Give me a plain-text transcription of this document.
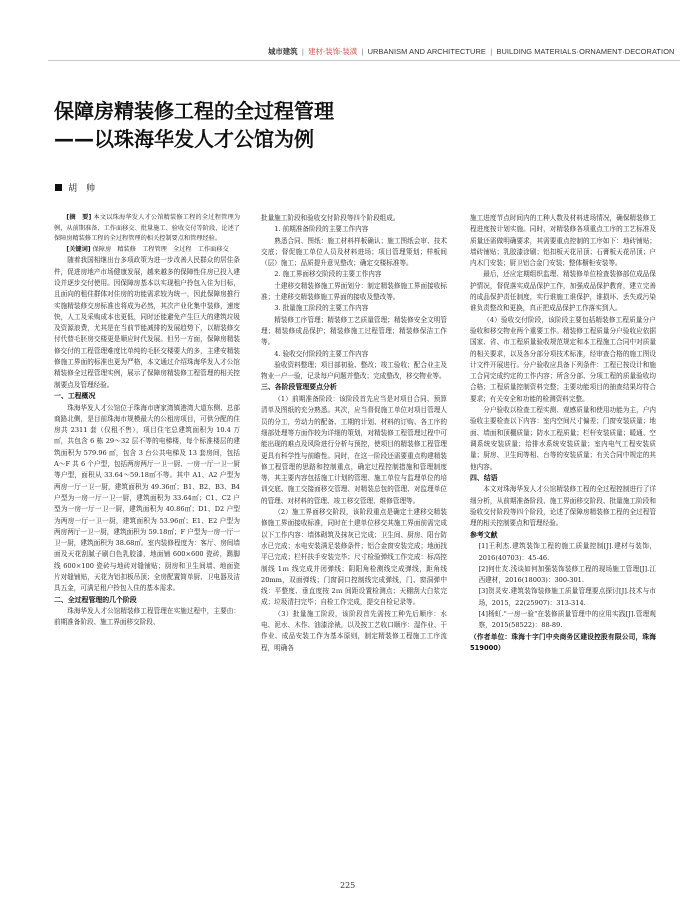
城市建筑 | 建材·装饰·装潢 | URBANISM AND ARCHITECTURE | BUILDING MATERIALS·ORNAMENT·DECORATION
保障房精装修工程的全过程管理
——以珠海华发人才公馆为例
胡　帅

[摘　要] 本文以珠海华发人才公馆精装修工程的全过程管理为例，从前期准备、工作面移交、批量施工、验收交付等阶段，论述了保障房精装修工程的全过程管理的相关控制要点和管理经验。

[关键词] 保障房　精装修　工程管理　全过程　工作面移交

随着我国相继出台多项政策为进一步改善人民群众的居住条件，促进房地产市场健康发展，越来越多的保障性住房已投入建设并逐步交付使用。因保障房基本以实现租户拎包入住为目标，且面向的租住群体对住房的功能需求较为统一，因此保障房推行实施精装修交房标准也将成为必然，其次产业化集中装修，速度快，人工及采购成本也更低，同时还能避免产生巨大的建筑垃圾及资源浪费，尤其是在当前节能减排的发展趋势下，以精装修交付代替毛胚房交楼更是顺应时代发展。但另一方面，保障房精装修交付的工程管理难度比单纯的毛胚交楼要大的多，主建安精装修施工界面的标准也更为严格，本文通过介绍珠海华发人才公馆精装修全过程管理实例，展示了保障房精装修工程管理的相关控制要点及管理经验。

一、工程概况

珠海华发人才公馆位于珠海市唐家湾镇港湾大道东侧、总部商路北侧，是目前珠海市规模最大的公租房项目，可供分配的住房共 2311 套（仅租不售），项目住宅总建筑面积为 10.4 万 ㎡，共包含 6 栋 29～32 层不等的电梯楼，每个标准楼层的建筑面积为 579.96 ㎡，包含 3 台公共电梯及 13 套房间，包括 A～F 共 6 个户型，包括两房两厅一卫一厨、一房一厅一卫一厨等户型，面积从 33.64～59.18㎡不等。其中 A1、A2 户型为两房一厅一卫一厨，建筑面积为 49.36㎡；B1、B2、B3、B4 户型为一房一厅一卫一厨，建筑面积为 33.64㎡；C1、C2 户型为一房一厅一卫一厨，建筑面积为 40.86㎡；D1、D2 户型为两房一厅一卫一厨，建筑面积为 53.96㎡；E1、E2 户型为两房两厅一卫一厨，建筑面积为 59.18㎡；F 户型为一房一厅一卫一厨，建筑面积为 38.68㎡。室内装修程度为：客厅、房间墙面及天花刮腻子刷白色乳胶漆，地面铺 600×600 瓷砖，踢脚线 600×100 瓷砖与地砖对缝铺贴；厨房和卫生间墙、地面瓷片对缝铺贴，天花为铝扣板吊顶；全房配置简单厨、卫电器及洁具五金，可满足租户拎包入住的基本需求。

二、全过程管理的几个阶段

珠海华发人才公馆精装修工程管理在实施过程中，主要由：前期准备阶段、施工界面移交阶段、

批量施工阶段和验收交付阶段等四个阶段组成。

1. 前期准备阶段的主要工作内容

熟悉合同、图纸：施工材料样板确认；施工图纸会审、技术交底；督促施工单位人员及材料进场；项目管理策划；样板间（层）施工；品质提升意见整改；确定交楼标准等。

2. 施工界面移交阶段的主要工作内容

土建移交精装修施工界面划分：制定精装修施工界面接收标准；土建移交精装修施工界面的接收及整改等。

3. 批量施工阶段的主要工作内容

精装修工序管理；精装修工艺质量管理；精装修安全文明管理；精装修成品保护；精装修施工过程管理；精装修保洁工作等。

4. 验收交付阶段的主要工作内容

验收资料整理；项目部初验、整改；竣工验收；配合业主及物业一户一验，记录每户问题并整改；完成整改，移交物业等。

三、各阶段管理要点分析

（1）前期准备阶段：该阶段首先应当是对项目合同、预算清单及图纸的充分熟悉。其次，应当督促施工单位对项目管理人员的分工，劳动力的配备、工期的计划、材料的订购、各工序的细部处理等方面作较为详细的策划，对精装修工程管理过程中可能出现的难点及风险进行分析与预控，使项目的精装修工程管理更具有科学性与前瞻性。同时，在这一阶段还需要重点构建精装修工程管理的思路和控制重点，确定过程控制措施和管理制度等，其主要内容包括施工计划的管理、施工单位与监理单位的培训交底、施工交接面移交管理、对精装总包的管理、对监理单位的管理、对材料的管理、竣工移交管理、维修管理等。

（2）施工界面移交阶段，该阶段重点是确定土建移交精装修施工界面接收标准，同时在土建单位移交其施工界面前需完成以下工作内容：墙体砌筑及抹灰已完成；卫生间、厨房、阳台防水已完成；水电安装满足装修条件；铝合金窗安装完成；地面找平已完成；栏杆扶手安装完毕；尺寸检验弹线工作完成：标高控制线 1ｍ 线完成并闭弹线；阴阳角检测线完成弹线，距角线 20mm，双面弹线；门窗洞口控制线完成弹线，门、窗洞弹中线：平整度、垂直度按 2ｍ 间距设置检测点；天棚刮大白浆完成；垃圾清扫完毕；自检工作完成，提交自检记录等。

（3）批量施工阶段，该阶段首先需按工种先后顺序：水电、泥水、木作、油漆涂裱，以及按工艺收口顺序：湿作业、干作业、成品安装工作为基本原则，制定精装修工程施工工序流程，明确各

施工进度节点时间内的工种人数及材料进场情况，确保精装修工程进度按计划实施。同时，对精装修各项重点工序的工艺标准及质量还需做明确要求，其需要重点控制的工序如下：地砖铺贴；墙砖铺贴；乳胶漆涂刷；铝扣板天花吊顶；石膏板天花吊顶；户内木门安装；厨卫铝合金门安装；整体橱柜安装等。

最后，还应定期组织监理、精装修单位检查装修部位成品保护情况，督促落实成品保护工作，加强成品保护教育，建立完善的成品保护责任制度，实行谁施工谁保护，谁损坏、丢失或污染谁负责整改和更换，真正把成品保护工作落实到人。

（4）验收交付阶段，该阶段主要包括精装修工程质量分户验收和移交物业两个重要工作。精装修工程质量分户验收应依据国家、省、市工程质量验收规范规定和本工程施工合同中对质量的相关要求，以及各分部分项技术标准，经审查合格的施工图设计文件开展进行。分户验收应具备下列条件：工程已按设计和施工合同完成约定的工作内容；所含分部、分项工程的质量验收均合格；工程质量控制资料完整；主要功能项目的抽查结果均符合要求；有关安全和功能的检测资料完整。

分户验收以检查工程实测、观感质量和使用功能为主，户内验收主要检查以下内容：室内空间尺寸偏差；门窗安装质量；地面、墙面和顶棚质量；防水工程质量；栏杆安装质量；暖通、空调系统安装质量；给排水系统安装质量；室内电气工程安装质量；厨房、卫生间等相、台等的安装质量；有关合同中规定的其他内容。

四、结语

本文对珠海华发人才公馆精装修工程的全过程控制进行了详细分析，从前期准备阶段、施工界面移交阶段、批量施工阶段和验收交付阶段等四个阶段，论述了保障房精装修工程的全过程管理的相关控制要点和管理经验。

参考文献

[1]王利杰.建筑装饰工程的施工质量控制[J].建材与装饰，2016(40703)：45-46.

[2]何仕友.浅谈如何加强装饰装修工程的现场施工管理[J].江西建材，2016(18003)：300-301.

[3]贺灵安.建筑装饰装修施工质量管理要点探讨[J].技术与市场，2015，22(25907)：313-314.

[4]杨虹."一房一验"在装修质量管理中的应用实践[J].管理观察，2015(58522)：88-89.

（作者单位：珠海十字门中央商务区建设控股有限公司，珠海 519000）

225
